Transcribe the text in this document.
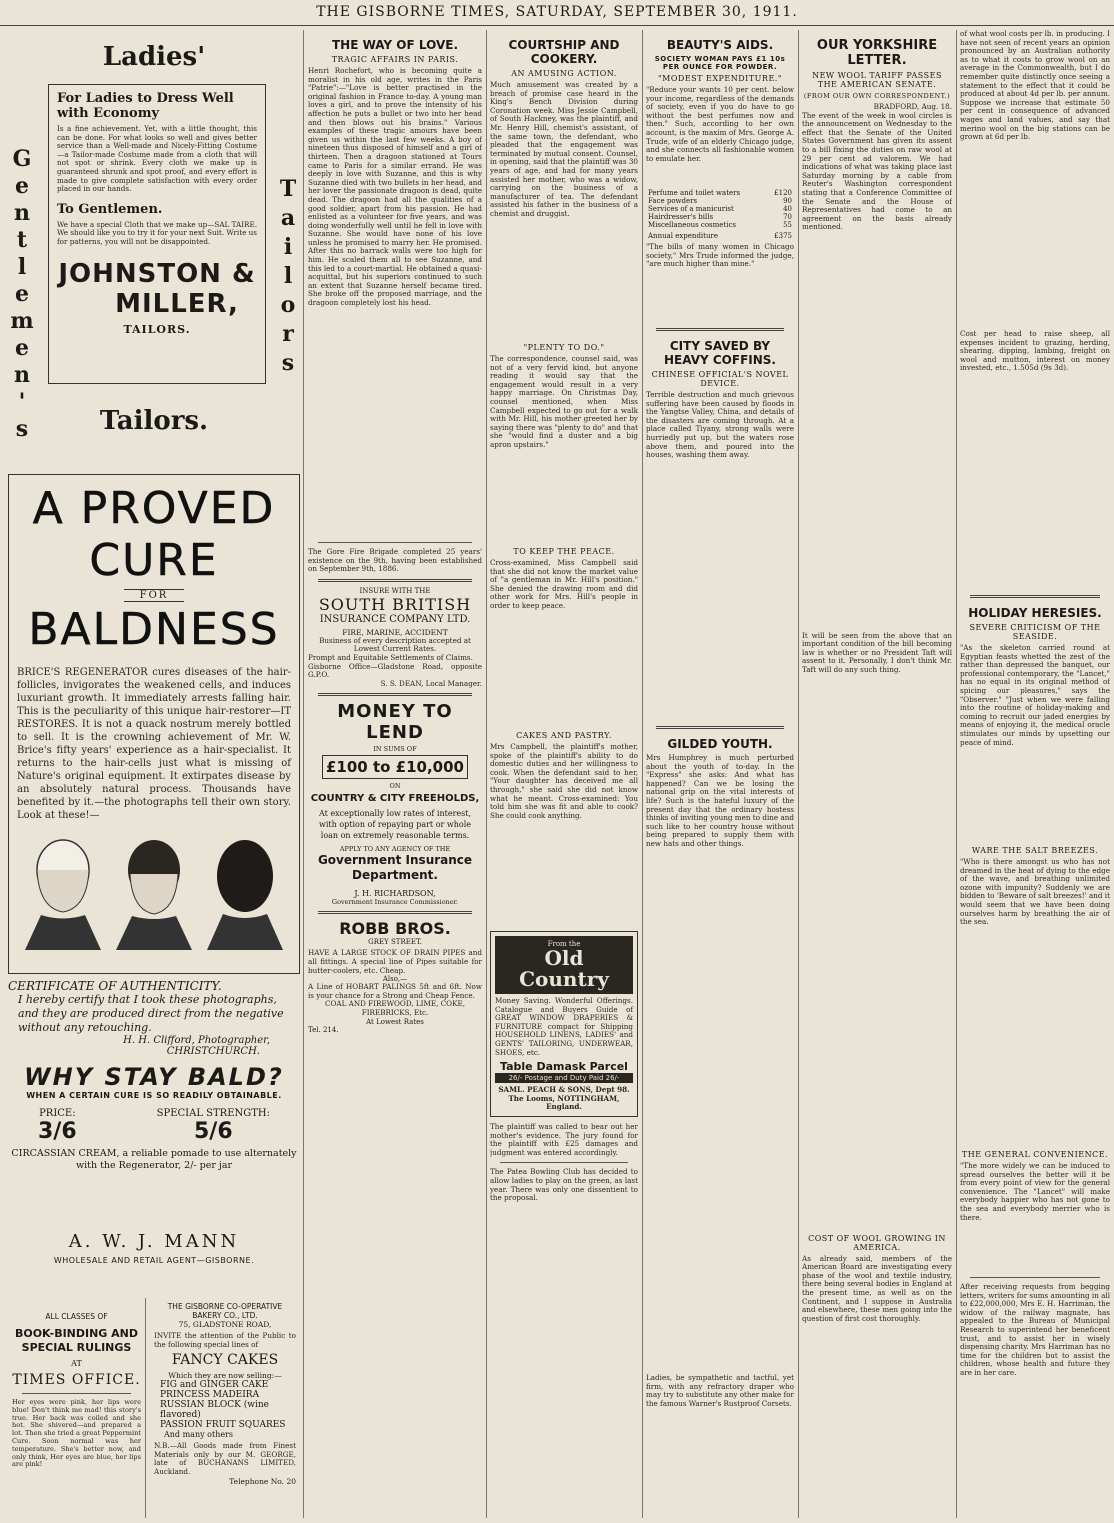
THE GISBORNE TIMES, SATURDAY, SEPTEMBER 30, 1911.
Ladies'
Gentlemen's	Tailors
For Ladies to Dress Well with Economy
Is a fine achievement. Yet, with a little thought, this can be done. For what looks so well and gives better service than a Well-made and Nicely-Fitting Costume—a Tailor-made Costume made from a cloth that will not spot or shrink. Every cloth we make up is guaranteed shrunk and spot proof, and every effort is made to give complete satisfaction with every order placed in our hands.
To Gentlemen.
We have a special Cloth that we make up—SAL TAIRE. We should like you to try it for your next Suit. Write us for patterns, you will not be disappointed.
JOHNSTON &
MILLER,
TAILORS.
Tailors.
A PROVED
CURE
FOR
BALDNESS
BRICE'S REGENERATOR cures diseases of the hair-follicles, invigorates the weakened cells, and induces luxuriant growth. It immediately arrests falling hair. This is the peculiarity of this unique hair-restorer—IT RESTORES. It is not a quack nostrum merely bottled to sell. It is the crowning achievement of Mr. W. Brice's fifty years' experience as a hair-specialist. It returns to the hair-cells just what is missing of Nature's original equipment. It extirpates disease by an absolutely natural process. Thousands have benefited by it.—the photographs tell their own story. Look at these!—
CERTIFICATE OF AUTHENTICITY.
I hereby certify that I took these photographs, and they are produced direct from the negative without any retouching.
H. H. Clifford, Photographer,
CHRISTCHURCH.
WHY STAY BALD?
WHEN A CERTAIN CURE IS SO READILY OBTAINABLE.
PRICE:
3/6
SPECIAL STRENGTH:
5/6
CIRCASSIAN CREAM, a reliable pomade to use alternately with the Regenerator, 2/- per jar
A. W. J. MANN
WHOLESALE AND RETAIL AGENT—GISBORNE.
ALL CLASSES OF
BOOK-BINDING AND SPECIAL RULINGS
AT
TIMES OFFICE.
Her eyes were pink, her lips were blue! Don't think me mad! this story's true. Her back was coiled and she hot. She shivered—and prepared a lot. Then she tried a great Peppermint Cure. Soon normal was her temperature. She's better now, and only think, Her eyes are blue, her lips are pink!
THE GISBORNE CO-OPERATIVE BAKERY CO., LTD.
75, GLADSTONE ROAD,
INVITE the attention of the Public to the following special lines of
FANCY CAKES
Which they are now selling:—
FIG and GINGER CAKE
PRINCESS MADEIRA
RUSSIAN BLOCK (wine flavored)
PASSION FRUIT SQUARES
And many others
N.B.—All Goods made from Finest Materials only by our M. GEORGE, late of BUCHANANS LIMITED, Auckland.
Telephone No. 20
THE WAY OF LOVE.
TRAGIC AFFAIRS IN PARIS.
Henri Rochefort, who is becoming quite a moralist in his old age, writes in the Paris "Patrie":—"Love is better practised in the original fashion in France to-day. A young man loves a girl, and to prove the intensity of his affection he puts a bullet or two into her head and then blows out his brains." Various examples of these tragic amours have been given us within the last few weeks. A boy of nineteen thus disposed of himself and a girl of thirteen. Then a dragoon stationed at Tours came to Paris for a similar errand. He was deeply in love with Suzanne, and this is why Suzanne died with two bullets in her head, and her lover the passionate dragoon is dead, quite dead. The dragoon had all the qualities of a good soldier, apart from his passion. He had enlisted as a volunteer for five years, and was doing wonderfully well until he fell in love with Suzanne. She would have none of his love unless he promised to marry her. He promised. After this no barrack walls were too high for him. He scaled them all to see Suzanne, and this led to a court-martial. He obtained a quasi-acquittal, but his superiors continued to such an extent that Suzanne herself became tired. She broke off the proposed marriage, and the dragoon completely lost his head.
The Gore Fire Brigade completed 25 years' existence on the 9th, having been established on September 9th, 1886.
INSURE WITH THE
SOUTH BRITISH
INSURANCE COMPANY LTD.
FIRE, MARINE, ACCIDENT
Business of every description accepted at Lowest Current Rates.
Prompt and Equitable Settlements of Claims.
Gisborne Office—Gladstone Road, opposite G.P.O.
S. S. DEAN, Local Manager.
MONEY TO LEND
IN SUMS OF
£100 to £10,000
ON
COUNTRY & CITY FREEHOLDS,
At exceptionally low rates of interest, with option of repaying part or whole loan on extremely reasonable terms.
APPLY TO ANY AGENCY OF THE
Government Insurance Department.
J. H. RICHARDSON,
Government Insurance Commissioner.
ROBB BROS.
GREY STREET.
HAVE A LARGE STOCK OF DRAIN PIPES and all fittings. A special line of Pipes suitable for butter-coolers, etc. Cheap.
Also,—
A Line of HOBART PALINGS 5ft and 6ft. Now is your chance for a Strong and Cheap Fence.
COAL AND FIREWOOD, LIME, COKE, FIREBRICKS, Etc.
At Lowest Rates
Tel. 214.
COURTSHIP AND COOKERY.
AN AMUSING ACTION.
Much amusement was created by a breach of promise case heard in the King's Bench Division during Coronation week. Miss Jessie Campbell, of South Hackney, was the plaintiff, and Mr. Henry Hill, chemist's assistant, of the same town, the defendant, who pleaded that the engagement was terminated by mutual consent. Counsel, in opening, said that the plaintiff was 30 years of age, and had for many years assisted her mother, who was a widow, carrying on the business of a manufacturer of tea. The defendant assisted his father in the business of a chemist and druggist.
"PLENTY TO DO."
The correspondence, counsel said, was not of a very fervid kind, but anyone reading it would say that the engagement would result in a very happy marriage. On Christmas Day, counsel mentioned, when Miss Campbell expected to go out for a walk with Mr. Hill, his mother greeted her by saying there was "plenty to do" and that she "would find a duster and a big apron upstairs."
TO KEEP THE PEACE.
Cross-examined, Miss Campbell said that she did not know the market value of "a gentleman in Mr. Hill's position." She denied the drawing room and did other work for Mrs. Hill's people in order to keep peace.
CAKES AND PASTRY.
Mrs Campbell, the plaintiff's mother, spoke of the plaintiff's ability to do domestic duties and her willingness to cook. When the defendant said to her, "Your daughter has deceived me all through," she said she did not know what he meant. Cross-examined: You told him she was fit and able to cook? She could cook anything.
From the
Old
Country
Money Saving. Wonderful Offerings. Catalogue and Buyers Guide of GREAT WINDOW DRAPERIES & FURNITURE compact for Shipping HOUSEHOLD LINENS, LADIES' and GENTS' TAILORING, UNDERWEAR, SHOES, etc.
Table Damask Parcel
26/- Postage and Duty Paid 26/-
SAML. PEACH & SONS, Dept 98. The Looms, NOTTINGHAM, England.
The plaintiff was called to bear out her mother's evidence. The jury found for the plaintiff with £25 damages and judgment was entered accordingly.
The Patea Bowling Club has decided to allow ladies to play on the green, as last year. There was only one dissentient to the proposal.
BEAUTY'S AIDS.
SOCIETY WOMAN PAYS £1 10s PER OUNCE FOR POWDER.
"MODEST EXPENDITURE."
"Reduce your wants 10 per cent. below your income, regardless of the demands of society, even if you do have to go without the best perfumes now and then." Such, according to her own account, is the maxim of Mrs. George A. Trude, wife of an elderly Chicago judge, and she connects all fashionable women to emulate her.
Perfume and toilet waters	£120
Face powders	90
Services of a manicurist	40
Hairdresser's bills	70
Miscellaneous cosmetics	55
Annual expenditure	£375
"The bills of many women in Chicago society," Mrs Trude informed the judge, "are much higher than mine."
CITY SAVED BY HEAVY COFFINS.
CHINESE OFFICIAL'S NOVEL DEVICE.
Terrible destruction and much grievous suffering have been caused by floods in the Yangtse Valley, China, and details of the disasters are coming through. At a place called Tiyany, strong walls were hurriedly put up, but the waters rose above them, and poured into the houses, washing them away.
GILDED YOUTH.
Mrs Humphrey is much perturbed about the youth of to-day. In the "Express" she asks: And what has happened? Can we be losing the national grip on the vital interests of life? Such is the hateful luxury of the present day that the ordinary hostess thinks of inviting young men to dine and such like to her country house without being prepared to supply them with new hats and other things.
Ladies, be sympathetic and tactful, yet firm, with any refractory draper who may try to substitute any other make for the famous Warner's Rustproof Corsets.
OUR YORKSHIRE LETTER.
NEW WOOL TARIFF PASSES THE AMERICAN SENATE.
(FROM OUR OWN CORRESPONDENT.)
BRADFORD, Aug. 18.
The event of the week in wool circles is the announcement on Wednesday to the effect that the Senate of the United States Government has given its assent to a bill fixing the duties on raw wool at 29 per cent ad valorem. We had indications of what was taking place last Saturday morning by a cable from Reuter's Washington correspondent stating that a Conference Committee of the Senate and the House of Representatives had come to an agreement on the basis already mentioned.
It will be seen from the above that an important condition of the bill becoming law is whether or no President Taft will assent to it. Personally, I don't think Mr. Taft will do any such thing.
COST OF WOOL GROWING IN AMERICA.
As already said, members of the American Board are investigating every phase of the wool and textile industry, there being several bodies in England at the present time, as well as on the Continent, and I suppose in Australia and elsewhere, these men going into the question of first cost thoroughly.
of what wool costs per lb. in producing. I have not seen of recent years an opinion pronounced by an Australian authority as to what it costs to grow wool on an average in the Commonwealth, but I do remember quite distinctly once seeing a statement to the effect that it could be produced at about 4d per lb. per annum. Suppose we increase that estimate 50 per cent in consequence of advanced wages and land values, and say that merino wool on the big stations can be grown at 6d per lb.
Cost per head to raise sheep, all expenses incident to grazing, herding, shearing, dipping, lambing, freight on wool and mutton, interest on money invested, etc., 1.505d (9s 3d).
HOLIDAY HERESIES.
SEVERE CRITICISM OF THE SEASIDE.
"As the skeleton carried round at Egyptian feasts whetted the zest of the rather than depressed the banquet, our professional contemporary, the "Lancet," has no equal in its original method of spicing our pleasures," says the "Observer." "Just when we were falling into the routine of holiday-making and coming to recruit our jaded energies by means of enjoying it, the medical oracle stimulates our minds by upsetting our peace of mind.
WARE THE SALT BREEZES.
"Who is there amongst us who has not dreamed in the heat of dying to the edge of the wave, and breathing unlimited ozone with impunity? Suddenly we are bidden to 'Beware of salt breezes!' and it would seem that we have been doing ourselves harm by breathing the air of the sea.
THE GENERAL CONVENIENCE.
"The more widely we can be induced to spread ourselves the better will it be from every point of view for the general convenience. The "Lancet" will make everybody happier who has not gone to the sea and everybody merrier who is there.
After receiving requests from begging letters, writers for sums amounting in all to £22,000,000, Mrs E. H. Harriman, the widow of the railway magnate, has appealed to the Bureau of Municipal Research to superintend her beneficent trust, and to assist her in wisely dispensing charity. Mrs Harriman has no time for the children but to assist the children, whose health and future they are in her care.
